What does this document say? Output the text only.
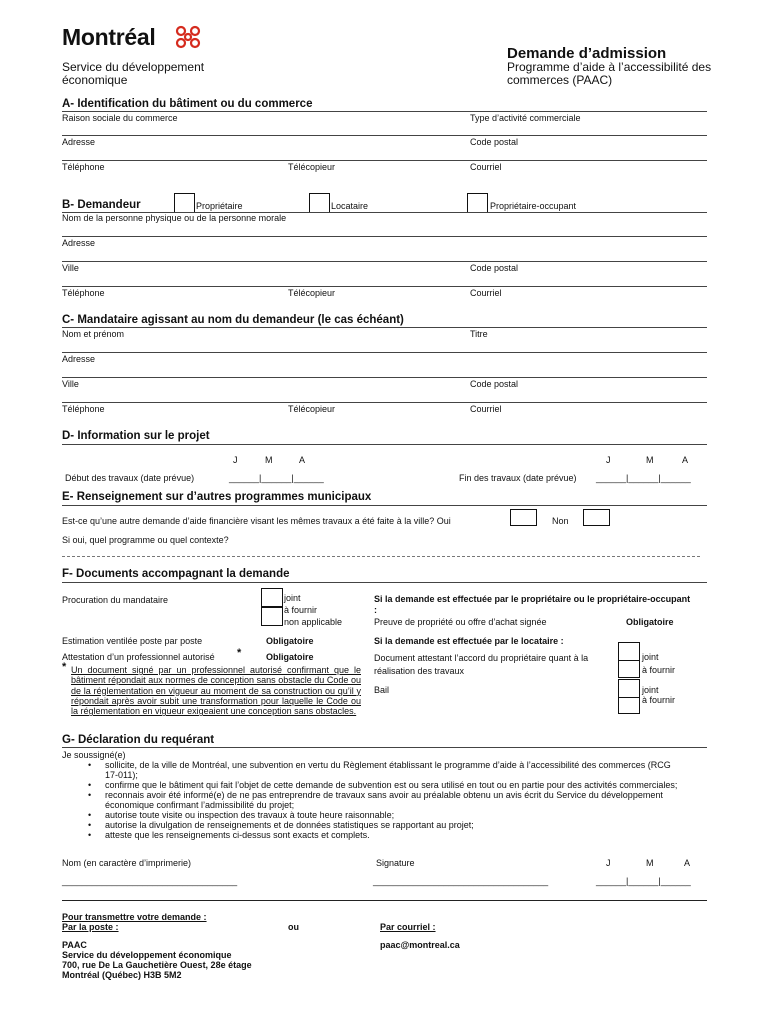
Montréal
Service du développement économique
Demande d’admission
Programme d’aide à l’accessibilité des commerces (PAAC)
A- Identification du bâtiment ou du commerce
Raison sociale du commerce	Type d’activité commerciale
Adresse	Code postal
Téléphone	Télécopieur	Courriel
B- Demandeur	Propriétaire	Locataire	Propriétaire-occupant
Nom de la personne physique ou de la personne morale
Adresse
Ville	Code postal
Téléphone	Télécopieur	Courriel
C- Mandataire agissant au nom du demandeur (le cas échéant)
Nom et prénom	Titre
Adresse
Ville	Code postal
Téléphone	Télécopieur	Courriel
D- Information sur le projet
J	M	A	J	M	A
Début des travaux (date prévue)	______|______|______	Fin des travaux (date prévue) ______|______|______
E- Renseignement sur d’autres programmes municipaux
Est-ce qu’une autre demande d’aide financière visant les mêmes travaux a été faite à la ville? Oui	Non
Si oui, quel programme ou quel contexte?
F- Documents accompagnant la demande
Procuration du mandataire	joint
à fournir
non applicable
Estimation ventilée poste par poste	Obligatoire
Attestation d’un professionnel autorisé *	Obligatoire
* Un document signé par un professionnel autorisé confirmant que le bâtiment répondait aux normes de conception sans obstacle du Code ou de la réglementation en vigueur au moment de sa construction ou qu’il y répondait après avoir subit une transformation pour laquelle le Code ou la réglementation en vigueur exigeaient une conception sans obstacles.
Si la demande est effectuée par le propriétaire ou le propriétaire-occupant :
Preuve de propriété ou offre d’achat signée	Obligatoire
Si la demande est effectuée par le locataire :
Document attestant l’accord du propriétaire quant à la réalisation des travaux
joint
à fournir
Bail	joint
à fournir
G- Déclaration du requérant
Je soussigné(e)
• sollicite, de la ville de Montréal, une subvention en vertu du Règlement établissant le programme d’aide à l’accessibilité des commerces (RCG 17-011);
• confirme que le bâtiment qui fait l’objet de cette demande de subvention est ou sera utilisé en tout ou en partie pour des activités commerciales;
• reconnais avoir été informé(e) de ne pas entreprendre de travaux sans avoir au préalable obtenu un avis écrit du Service du développement économique confirmant l’admissibilité du projet;
• autorise toute visite ou inspection des travaux à toute heure raisonnable;
• autorise la divulgation de renseignements et de données statistiques se rapportant au projet;
• atteste que les renseignements ci-dessus sont exacts et complets.
Nom (en caractère d’imprimerie)	Signature	J	M	A
___________________________________	___________________________________	______|______|______
Pour transmettre votre demande :
Par la poste :	ou	Par courriel :
PAAC	paac@montreal.ca
Service du développement économique
700, rue De La Gauchetière Ouest, 28e étage
Montréal (Québec) H3B 5M2
